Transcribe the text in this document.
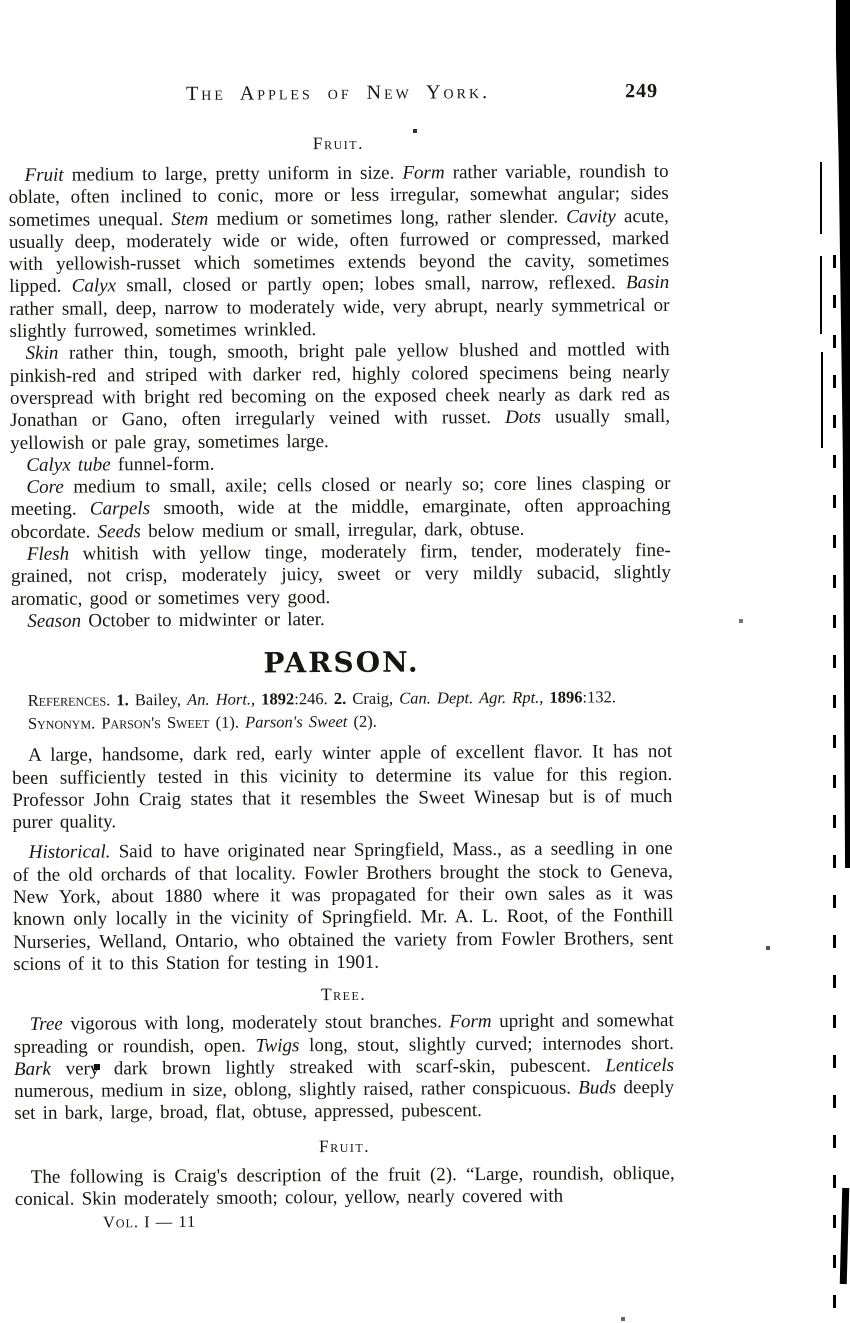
The Apples of New York.	249
Fruit.

Fruit medium to large, pretty uniform in size. Form rather variable, roundish to oblate, often inclined to conic, more or less irregular, somewhat angular; sides sometimes unequal. Stem medium or sometimes long, rather slender. Cavity acute, usually deep, moderately wide or wide, often furrowed or compressed, marked with yellowish-russet which sometimes extends beyond the cavity, sometimes lipped. Calyx small, closed or partly open; lobes small, narrow, reflexed. Basin rather small, deep, narrow to moderately wide, very abrupt, nearly symmetrical or slightly furrowed, sometimes wrinkled.

Skin rather thin, tough, smooth, bright pale yellow blushed and mottled with pinkish-red and striped with darker red, highly colored specimens being nearly overspread with bright red becoming on the exposed cheek nearly as dark red as Jonathan or Gano, often irregularly veined with russet. Dots usually small, yellowish or pale gray, sometimes large.

Calyx tube funnel-form.

Core medium to small, axile; cells closed or nearly so; core lines clasping or meeting. Carpels smooth, wide at the middle, emarginate, often approaching obcordate. Seeds below medium or small, irregular, dark, obtuse.

Flesh whitish with yellow tinge, moderately firm, tender, moderately fine-grained, not crisp, moderately juicy, sweet or very mildly subacid, slightly aromatic, good or sometimes very good.

Season October to midwinter or later.

PARSON.

References. 1. Bailey, An. Hort., 1892:246. 2. Craig, Can. Dept. Agr. Rpt., 1896:132.

Synonym. Parson's Sweet (1). Parson's Sweet (2).

A large, handsome, dark red, early winter apple of excellent flavor. It has not been sufficiently tested in this vicinity to determine its value for this region. Professor John Craig states that it resembles the Sweet Winesap but is of much purer quality.

Historical. Said to have originated near Springfield, Mass., as a seedling in one of the old orchards of that locality. Fowler Brothers brought the stock to Geneva, New York, about 1880 where it was propagated for their own sales as it was known only locally in the vicinity of Springfield. Mr. A. L. Root, of the Fonthill Nurseries, Welland, Ontario, who obtained the variety from Fowler Brothers, sent scions of it to this Station for testing in 1901.

Tree.

Tree vigorous with long, moderately stout branches. Form upright and somewhat spreading or roundish, open. Twigs long, stout, slightly curved; internodes short. Bark very dark brown lightly streaked with scarf-skin, pubescent. Lenticels numerous, medium in size, oblong, slightly raised, rather conspicuous. Buds deeply set in bark, large, broad, flat, obtuse, appressed, pubescent.

Fruit.

The following is Craig's description of the fruit (2). “Large, roundish, oblique, conical. Skin moderately smooth; colour, yellow, nearly covered with

Vol. I — 11
